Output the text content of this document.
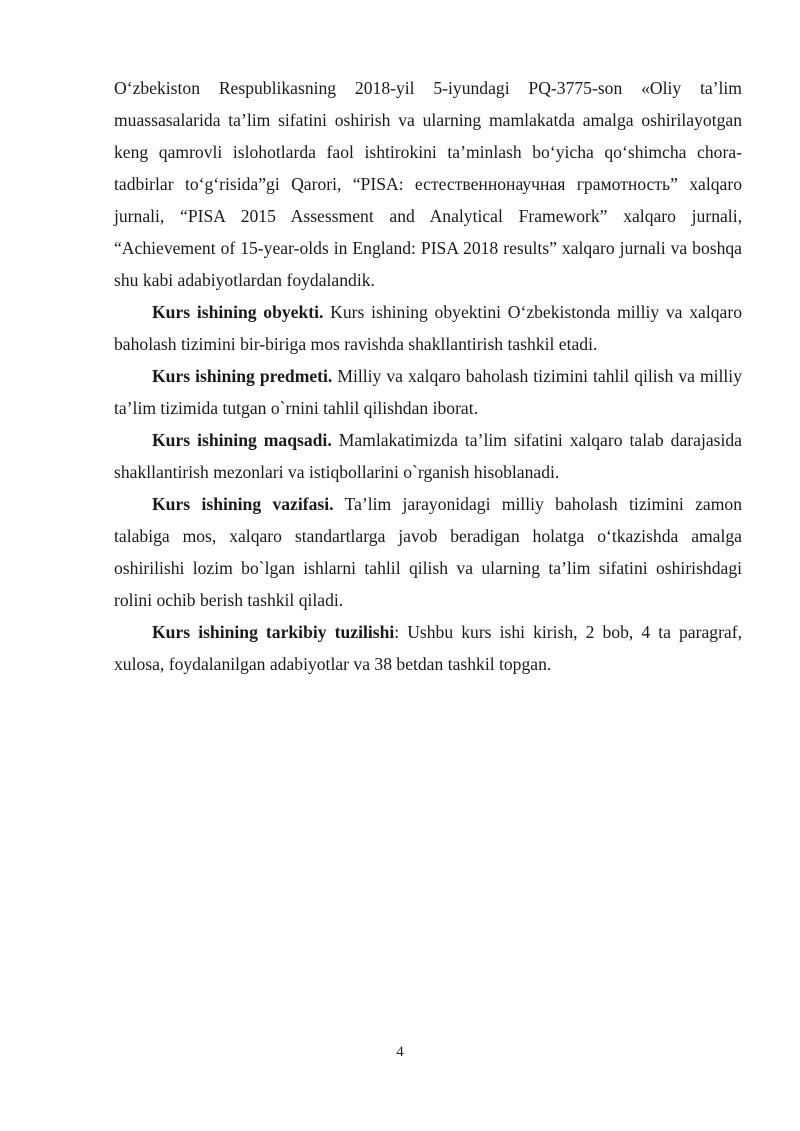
O‘zbekiston Respublikasning 2018-yil 5-iyundagi PQ-3775-son «Oliy ta’lim muassasalarida ta’lim sifatini oshirish va ularning mamlakatda amalga oshirilayotgan keng qamrovli islohotlarda faol ishtirokini ta’minlash bo‘yicha qo‘shimcha chora-tadbirlar to‘g‘risida”gi Qarori, “PISA: естественнонаучная грамотность” xalqaro jurnali, “PISA 2015 Assessment and Analytical Framework” xalqaro jurnali, “Achievement of 15-year-olds in England: PISA 2018 results” xalqaro jurnali va boshqa shu kabi adabiyotlardan foydalandik.

Kurs ishining obyekti. Kurs ishining obyektini O‘zbekistonda milliy va xalqaro baholash tizimini bir-biriga mos ravishda shakllantirish tashkil etadi.

Kurs ishining predmeti. Milliy va xalqaro baholash tizimini tahlil qilish va milliy ta’lim tizimida tutgan o`rnini tahlil qilishdan iborat.

Kurs ishining maqsadi. Mamlakatimizda ta’lim sifatini xalqaro talab darajasida shakllantirish mezonlari va istiqbollarini o`rganish hisoblanadi.

Kurs ishining vazifasi. Ta’lim jarayonidagi milliy baholash tizimini zamon talabiga mos, xalqaro standartlarga javob beradigan holatga o‘tkazishda amalga oshirilishi lozim bo`lgan ishlarni tahlil qilish va ularning ta’lim sifatini oshirishdagi rolini ochib berish tashkil qiladi.

Kurs ishining tarkibiy tuzilishi: Ushbu kurs ishi kirish, 2 bob, 4 ta paragraf, xulosa, foydalanilgan adabiyotlar va 38 betdan tashkil topgan.

4
